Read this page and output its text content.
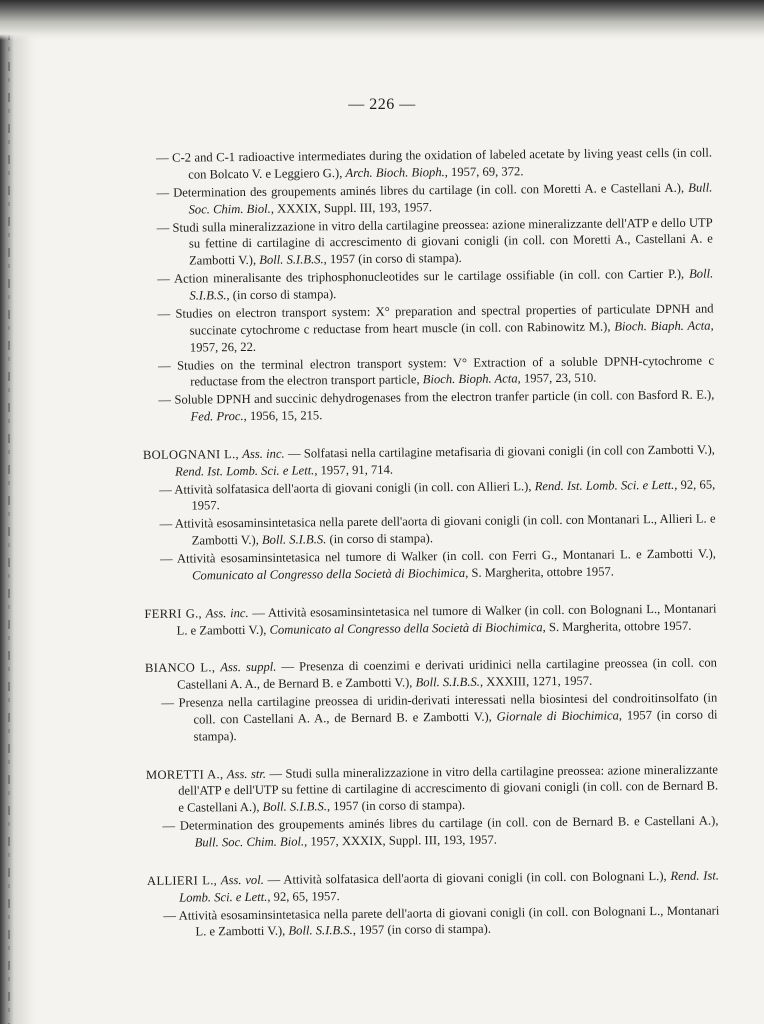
— 226 —

— C-2 and C-1 radioactive intermediates during the oxidation of labeled acetate by living yeast cells (in coll. con Bolcato V. e Leggiero G.), Arch. Bioch. Bioph., 1957, 69, 372.

— Determination des groupements aminés libres du cartilage (in coll. con Moretti A. e Castellani A.), Bull. Soc. Chim. Biol., XXXIX, Suppl. III, 193, 1957.

— Studi sulla mineralizzazione in vitro della cartilagine preossea: azione mineralizzante dell'ATP e dello UTP su fettine di cartilagine di accrescimento di giovani conigli (in coll. con Moretti A., Castellani A. e Zambotti V.), Boll. S.I.B.S., 1957 (in corso di stampa).

— Action mineralisante des triphosphonucleotides sur le cartilage ossifiable (in coll. con Cartier P.), Boll. S.I.B.S., (in corso di stampa).

— Studies on electron transport system: X° preparation and spectral properties of particulate DPNH and succinate cytochrome c reductase from heart muscle (in coll. con Rabinowitz M.), Bioch. Biaph. Acta, 1957, 26, 22.

— Studies on the terminal electron transport system: V° Extraction of a soluble DPNH-cytochrome c reductase from the electron transport particle, Bioch. Bioph. Acta, 1957, 23, 510.

— Soluble DPNH and succinic dehydrogenases from the electron tranfer particle (in coll. con Basford R. E.), Fed. Proc., 1956, 15, 215.

BOLOGNANI L., Ass. inc. — Solfatasi nella cartilagine metafisaria di giovani conigli (in coll con Zambotti V.), Rend. Ist. Lomb. Sci. e Lett., 1957, 91, 714.

— Attività solfatasica dell'aorta di giovani conigli (in coll. con Allieri L.), Rend. Ist. Lomb. Sci. e Lett., 92, 65, 1957.

— Attività esosaminsintetasica nella parete dell'aorta di giovani conigli (in coll. con Montanari L., Allieri L. e Zambotti V.), Boll. S.I.B.S. (in corso di stampa).

— Attività esosaminsintetasica nel tumore di Walker (in coll. con Ferri G., Montanari L. e Zambotti V.), Comunicato al Congresso della Società di Biochimica, S. Margherita, ottobre 1957.

FERRI G., Ass. inc. — Attività esosaminsintetasica nel tumore di Walker (in coll. con Bolognani L., Montanari L. e Zambotti V.), Comunicato al Congresso della Società di Biochimica, S. Margherita, ottobre 1957.

BIANCO L., Ass. suppl. — Presenza di coenzimi e derivati uridinici nella cartilagine preossea (in coll. con Castellani A. A., de Bernard B. e Zambotti V.), Boll. S.I.B.S., XXXIII, 1271, 1957.

— Presenza nella cartilagine preossea di uridin-derivati interessati nella biosintesi del condroitinsolfato (in coll. con Castellani A. A., de Bernard B. e Zambotti V.), Giornale di Biochimica, 1957 (in corso di stampa).

MORETTI A., Ass. str. — Studi sulla mineralizzazione in vitro della cartilagine preossea: azione mineralizzante dell'ATP e dell'UTP su fettine di cartilagine di accrescimento di giovani conigli (in coll. con de Bernard B. e Castellani A.), Boll. S.I.B.S., 1957 (in corso di stampa).

— Determination des groupements aminés libres du cartilage (in coll. con de Bernard B. e Castellani A.), Bull. Soc. Chim. Biol., 1957, XXXIX, Suppl. III, 193, 1957.

ALLIERI L., Ass. vol. — Attività solfatasica dell'aorta di giovani conigli (in coll. con Bolognani L.), Rend. Ist. Lomb. Sci. e Lett., 92, 65, 1957.

— Attività esosaminsintetasica nella parete dell'aorta di giovani conigli (in coll. con Bolognani L., Montanari L. e Zambotti V.), Boll. S.I.B.S., 1957 (in corso di stampa).
